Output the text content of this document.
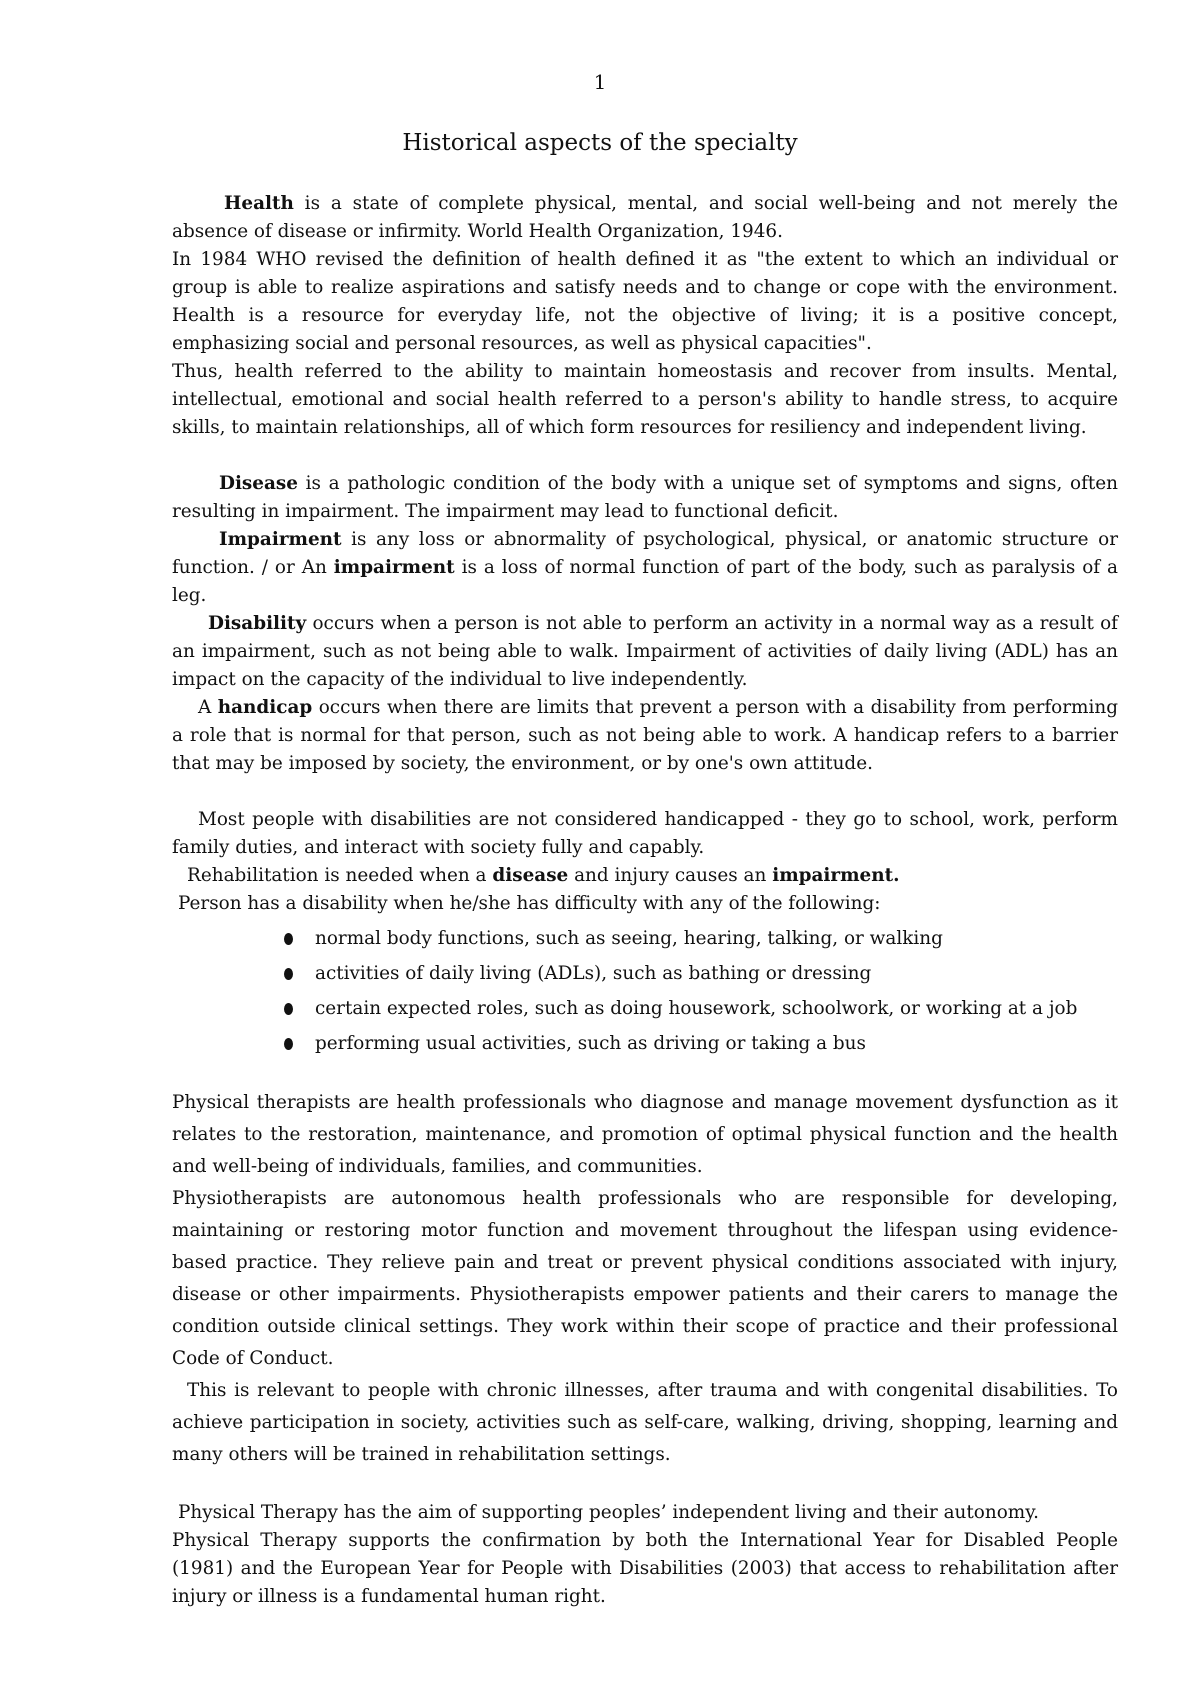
1
Historical aspects of the specialty

Health is a state of complete physical, mental, and social well-being and not merely the absence of disease or infirmity. World Health Organization, 1946.

In 1984 WHO revised the definition of health defined it as "the extent to which an individual or group is able to realize aspirations and satisfy needs and to change or cope with the environment. Health is a resource for everyday life, not the objective of living; it is a positive concept, emphasizing social and personal resources, as well as physical capacities".

Thus, health referred to the ability to maintain homeostasis and recover from insults. Mental, intellectual, emotional and social health referred to a person's ability to handle stress, to acquire skills, to maintain relationships, all of which form resources for resiliency and independent living.

Disease is a pathologic condition of the body with a unique set of symptoms and signs, often resulting in impairment. The impairment may lead to functional deficit.

Impairment is any loss or abnormality of psychological, physical, or anatomic structure or function. / or An impairment is a loss of normal function of part of the body, such as paralysis of a leg.

Disability occurs when a person is not able to perform an activity in a normal way as a result of an impairment, such as not being able to walk. Impairment of activities of daily living (ADL) has an impact on the capacity of the individual to live independently.

A handicap occurs when there are limits that prevent a person with a disability from performing a role that is normal for that person, such as not being able to work. A handicap refers to a barrier that may be imposed by society, the environment, or by one's own attitude.

Most people with disabilities are not considered handicapped - they go to school, work, perform family duties, and interact with society fully and capably.

Rehabilitation is needed when a disease and injury causes an impairment.

Person has a disability when he/she has difficulty with any of the following:

normal body functions, such as seeing, hearing, talking, or walking
activities of daily living (ADLs), such as bathing or dressing
certain expected roles, such as doing housework, schoolwork, or working at a job
performing usual activities, such as driving or taking a bus

Physical therapists are health professionals who diagnose and manage movement dysfunction as it relates to the restoration, maintenance, and promotion of optimal physical function and the health and well-being of individuals, families, and communities.

Physiotherapists are autonomous health professionals who are responsible for developing, maintaining or restoring motor function and movement throughout the lifespan using evidence-based practice. They relieve pain and treat or prevent physical conditions associated with injury, disease or other impairments. Physiotherapists empower patients and their carers to manage the condition outside clinical settings. They work within their scope of practice and their professional Code of Conduct.

This is relevant to people with chronic illnesses, after trauma and with congenital disabilities. To achieve participation in society, activities such as self-care, walking, driving, shopping, learning and many others will be trained in rehabilitation settings.

Physical Therapy has the aim of supporting peoples’ independent living and their autonomy.

Physical Therapy supports the confirmation by both the International Year for Disabled People (1981) and the European Year for People with Disabilities (2003) that access to rehabilitation after injury or illness is a fundamental human right.
